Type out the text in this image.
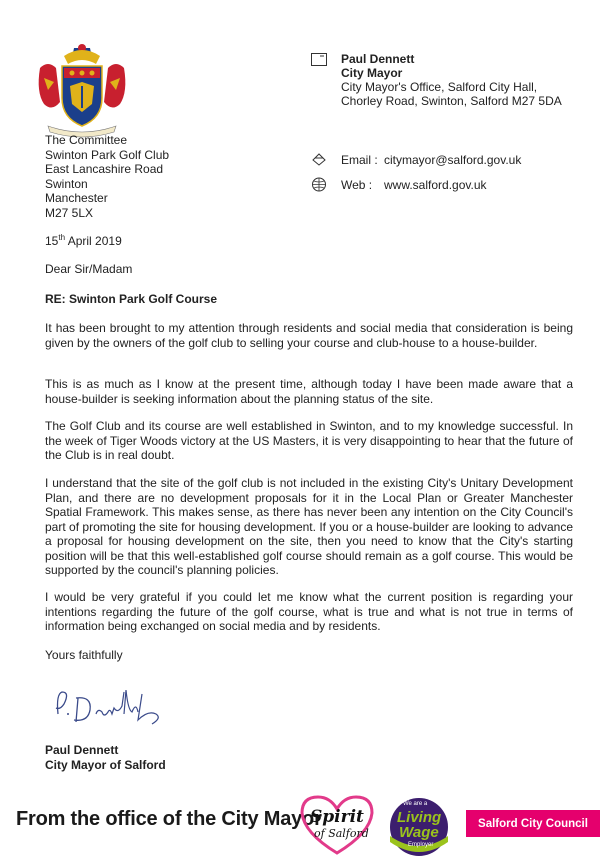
Paul Dennett
City Mayor
City Mayor's Office, Salford City Hall,
Chorley Road, Swinton, Salford M27 5DA
Email : citymayor@salford.gov.uk
Web : www.salford.gov.uk
The Committee
Swinton Park Golf Club
East Lancashire Road
Swinton
Manchester
M27 5LX
15th April 2019
Dear Sir/Madam
RE: Swinton Park Golf Course

It has been brought to my attention through residents and social media that consideration is being given by the owners of the golf club to selling your course and club-house to a house-builder.

This is as much as I know at the present time, although today I have been made aware that a house-builder is seeking information about the planning status of the site.

The Golf Club and its course are well established in Swinton, and to my knowledge successful. In the week of Tiger Woods victory at the US Masters, it is very disappointing to hear that the future of the Club is in real doubt.

I understand that the site of the golf club is not included in the existing City's Unitary Development Plan, and there are no development proposals for it in the Local Plan or Greater Manchester Spatial Framework. This makes sense, as there has never been any intention on the City Council's part of promoting the site for housing development. If you or a house-builder are looking to advance a proposal for housing development on the site, then you need to know that the City's starting position will be that this well-established golf course should remain as a golf course. This would be supported by the council's planning policies.

I would be very grateful if you could let me know what the current position is regarding your intentions regarding the future of the golf course, what is true and what is not true in terms of information being exchanged on social media and by residents.

Yours faithfully
Paul Dennett
City Mayor of Salford
From the office of the City Mayor
Spirit
of Salford
We are a
Living
Wage
Employer
Salford City Council
